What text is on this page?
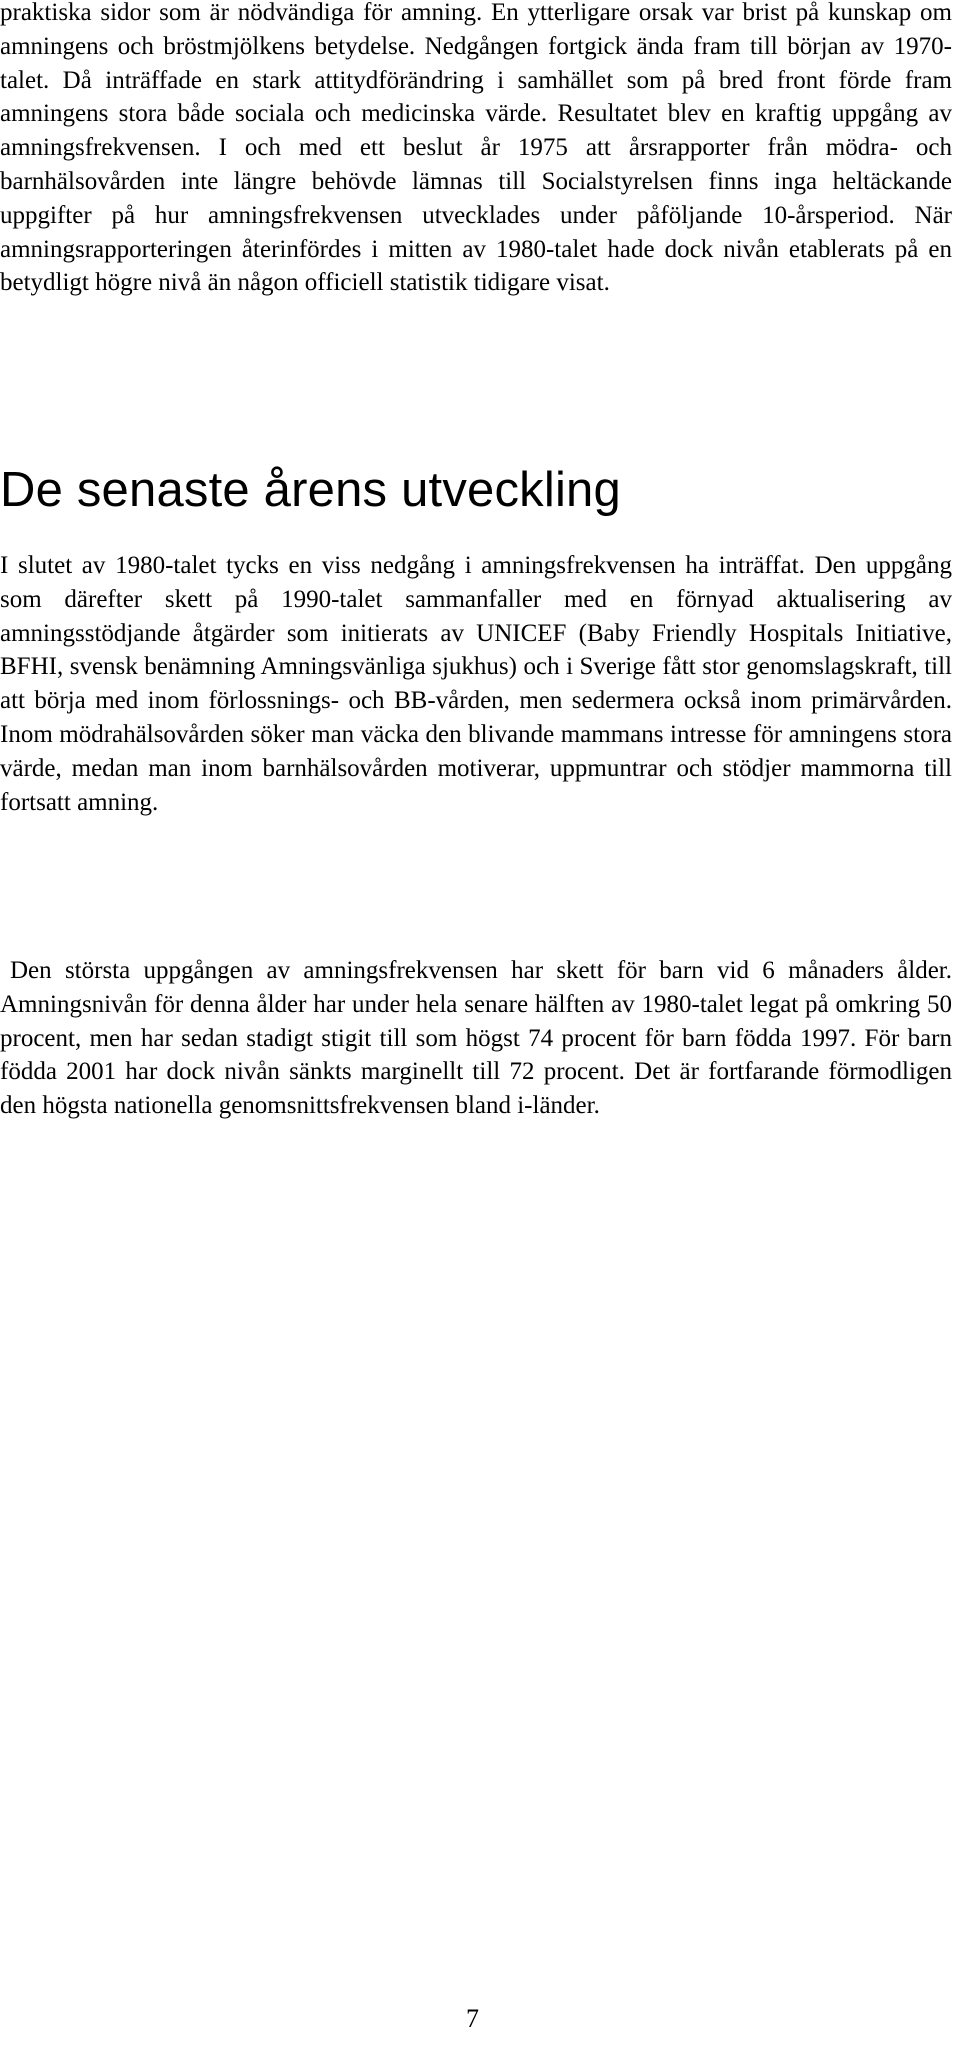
praktiska sidor som är nödvändiga för amning. En ytterligare orsak var brist på kunskap om amningens och bröstmjölkens betydelse. Nedgången fortgick ända fram till början av 1970-talet. Då inträffade en stark attitydförändring i samhället som på bred front förde fram amningens stora både sociala och medicinska värde. Resultatet blev en kraftig uppgång av amningsfrekvensen. I och med ett beslut år 1975 att årsrapporter från mödra- och barnhälsovården inte längre behövde lämnas till Socialstyrelsen finns inga heltäckande uppgifter på hur amningsfrekvensen utvecklades under påföljande 10-årsperiod. När amningsrapporteringen återinfördes i mitten av 1980-talet hade dock nivån etablerats på en betydligt högre nivå än någon officiell statistik tidigare visat.

De senaste årens utveckling

I slutet av 1980-talet tycks en viss nedgång i amningsfrekvensen ha inträffat. Den uppgång som därefter skett på 1990-talet sammanfaller med en förnyad aktualisering av amningsstödjande åtgärder som initierats av UNICEF (Baby Friendly Hospitals Initiative, BFHI, svensk benämning Amningsvänliga sjukhus) och i Sverige fått stor genomslagskraft, till att börja med inom förlossnings- och BB-vården, men sedermera också inom primärvården. Inom mödrahälsovården söker man väcka den blivande mammans intresse för amningens stora värde, medan man inom barnhälsovården motiverar, uppmuntrar och stödjer mammorna till fortsatt amning.

Den största uppgången av amningsfrekvensen har skett för barn vid 6 månaders ålder. Amningsnivån för denna ålder har under hela senare hälften av 1980-talet legat på omkring 50 procent, men har sedan stadigt stigit till som högst 74 procent för barn födda 1997. För barn födda 2001 har dock nivån sänkts marginellt till 72 procent. Det är fortfarande förmodligen den högsta nationella genomsnittsfrekvensen bland i-länder.

7
